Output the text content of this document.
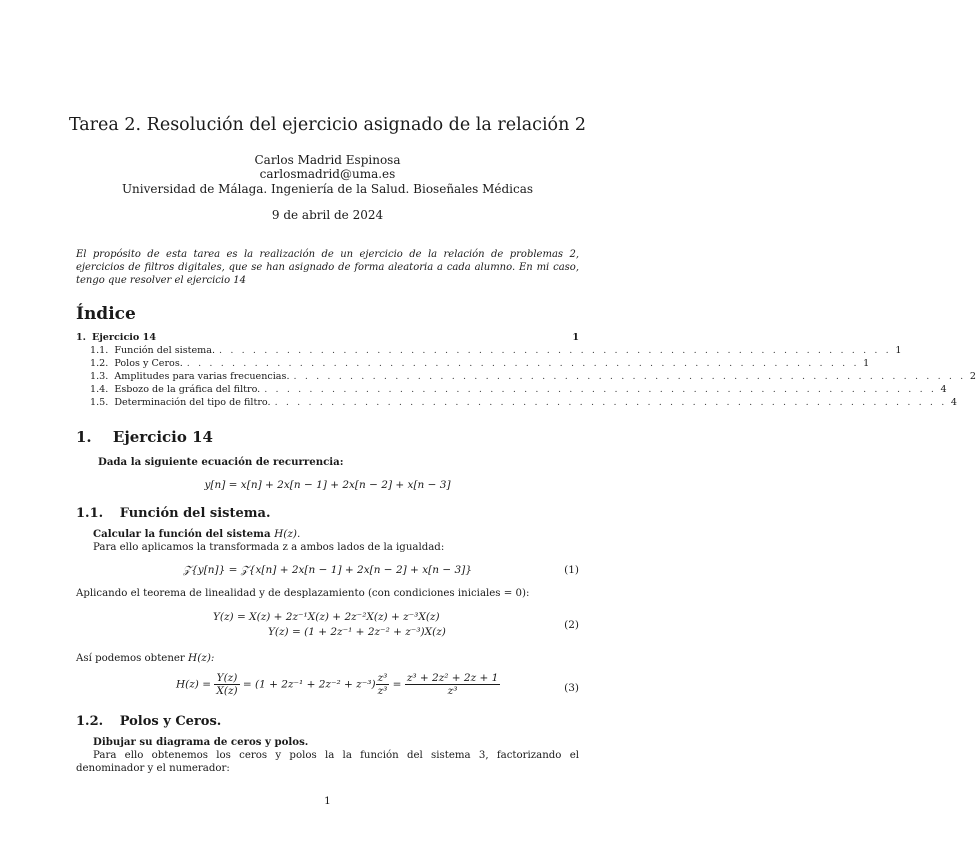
Tarea 2. Resolución del ejercicio asignado de la relación 2
Carlos Madrid Espinosa
carlosmadrid@uma.es
Universidad de Málaga. Ingeniería de la Salud. Bioseñales Médicas
9 de abril de 2024
El propósito de esta tarea es la realización de un ejercicio de la relación de problemas 2, ejercicios de filtros digitales, que se han asignado de forma aleatoria a cada alumno. En mi caso, tengo que resolver el ejercicio 14
Índice
1. Ejercicio 14	1
1.1. Función del sistema. . . . . . . . . . . . . . . . . . . . . . . . . . . . . . . . . . . . . . . . . . . . . . . . . . . . . . . . . . . . . 1
1.2. Polos y Ceros. . . . . . . . . . . . . . . . . . . . . . . . . . . . . . . . . . . . . . . . . . . . . . . . . . . . . . . . . . . . . 1
1.3. Amplitudes para varias frecuencias. . . . . . . . . . . . . . . . . . . . . . . . . . . . . . . . . . . . . . . . . . . . . . . . . . . . . . . . . . . . . 2
1.4. Esbozo de la gráfica del filtro. . . . . . . . . . . . . . . . . . . . . . . . . . . . . . . . . . . . . . . . . . . . . . . . . . . . . . . . . . . . . 4
1.5. Determinación del tipo de filtro. . . . . . . . . . . . . . . . . . . . . . . . . . . . . . . . . . . . . . . . . . . . . . . . . . . . . . . . . . . . . 4
1. Ejercicio 14
Dada la siguiente ecuación de recurrencia:
y[n] = x[n] + 2x[n − 1] + 2x[n − 2] + x[n − 3]
1.1. Función del sistema.
Calcular la función del sistema H(z).
Para ello aplicamos la transformada z a ambos lados de la igualdad:
𝒵{y[n]} = 𝒵{x[n] + 2x[n − 1] + 2x[n − 2] + x[n − 3]}	(1)
Aplicando el teorema de linealidad y de desplazamiento (con condiciones iniciales = 0):
Y(z) = X(z) + 2z⁻¹X(z) + 2z⁻²X(z) + z⁻³X(z)
Y(z) = (1 + 2z⁻¹ + 2z⁻² + z⁻³)X(z)
(2)
Así podemos obtener H(z):
$H(z) = \frac{Y(z)}{X(z)} = (1 + 2z^{-1} + 2z^{-2} + z^{-3}) \frac{\text{z³}}{\text{z³}} = \frac{\text{z³ + 2z² + 2z + 1}}{\text{z³}}$	(3)
1.2. Polos y Ceros.
Dibujar su diagrama de ceros y polos.
Para ello obtenemos los ceros y polos la la función del sistema 3, factorizando el denominador y el numerador:
1
